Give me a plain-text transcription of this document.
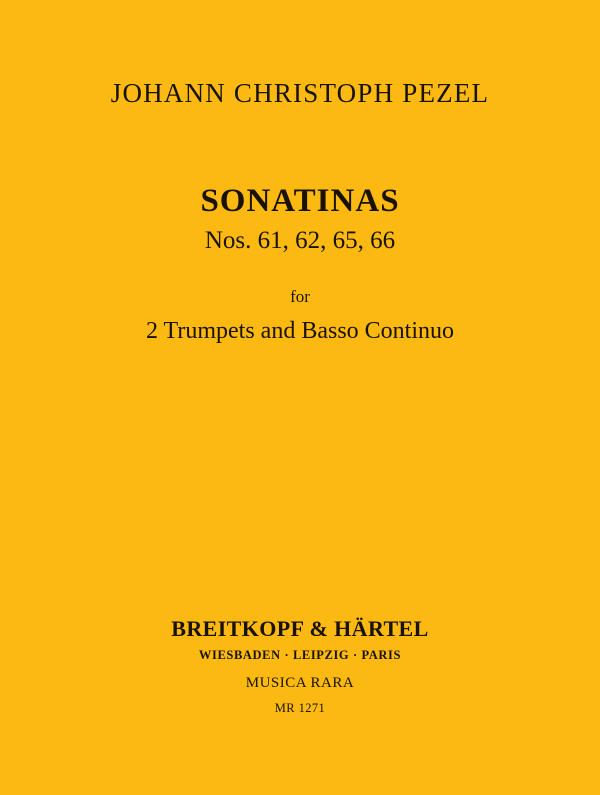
JOHANN CHRISTOPH PEZEL
SONATINAS
Nos. 61, 62, 65, 66
for
2 Trumpets and Basso Continuo
BREITKOPF & HÄRTEL
WIESBADEN · LEIPZIG · PARIS
MUSICA RARA
MR 1271
